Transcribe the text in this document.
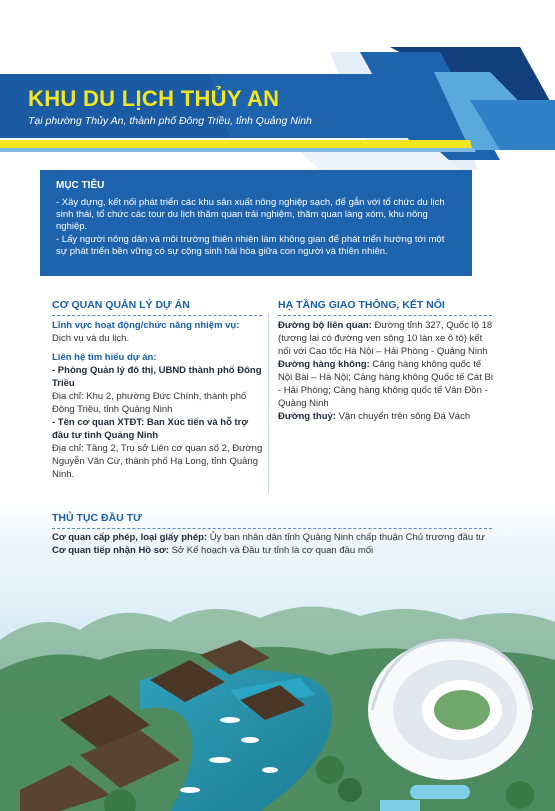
KHU DU LỊCH THỦY AN
Tại phường Thủy An, thành phố Đông Triều, tỉnh Quảng Ninh
MỤC TIÊU

- Xây dựng, kết nối phát triển các khu sản xuất nông nghiệp sạch, để gắn với tổ chức du lịch sinh thái, tổ chức các tour du lịch thăm quan trải nghiệm, thăm quan làng xóm, khu nông nghiệp.

- Lấy người nông dân và môi trường thiên nhiên làm không gian để phát triển hướng tới một sự phát triển bền vững có sự cộng sinh hài hòa giữa con người và thiên nhiên.

CƠ QUAN QUẢN LÝ DỰ ÁN

Lĩnh vực hoạt động/chức năng nhiệm vụ:

Dịch vụ và du lịch.

Liên hệ tìm hiểu dự án:

- Phòng Quản lý đô thị, UBND thành phố Đông Triều

Địa chỉ: Khu 2, phường Đức Chính, thành phố Đông Triều, tỉnh Quảng Ninh

- Tên cơ quan XTĐT: Ban Xúc tiến và hỗ trợ đầu tư tỉnh Quảng Ninh

Địa chỉ: Tầng 2, Trụ sở Liên cơ quan số 2, Đường Nguyễn Văn Cừ, thành phố Hạ Long, tỉnh Quảng Ninh.

HẠ TẦNG GIAO THÔNG, KẾT NỐI

Đường bộ liên quan: Đường tỉnh 327, Quốc lộ 18 (tương lai có đường ven sông 10 làn xe ô tô) kết nối với Cao tốc Hà Nội – Hải Phòng - Quảng Ninh

Đường hàng không: Cảng hàng không quốc tế Nội Bài – Hà Nội; Cảng hàng không Quốc tế Cát Bi - Hải Phòng; Cảng hàng không quốc tế Vân Đồn - Quảng Ninh

Đường thuỷ: Vận chuyển trên sông Đá Vách

THỦ TỤC ĐẦU TƯ

Cơ quan cấp phép, loại giấy phép: Ủy ban nhân dân tỉnh Quảng Ninh chấp thuận Chủ trương đầu tư

Cơ quan tiếp nhận Hồ sơ: Sở Kế hoạch và Đầu tư tỉnh là cơ quan đầu mối
